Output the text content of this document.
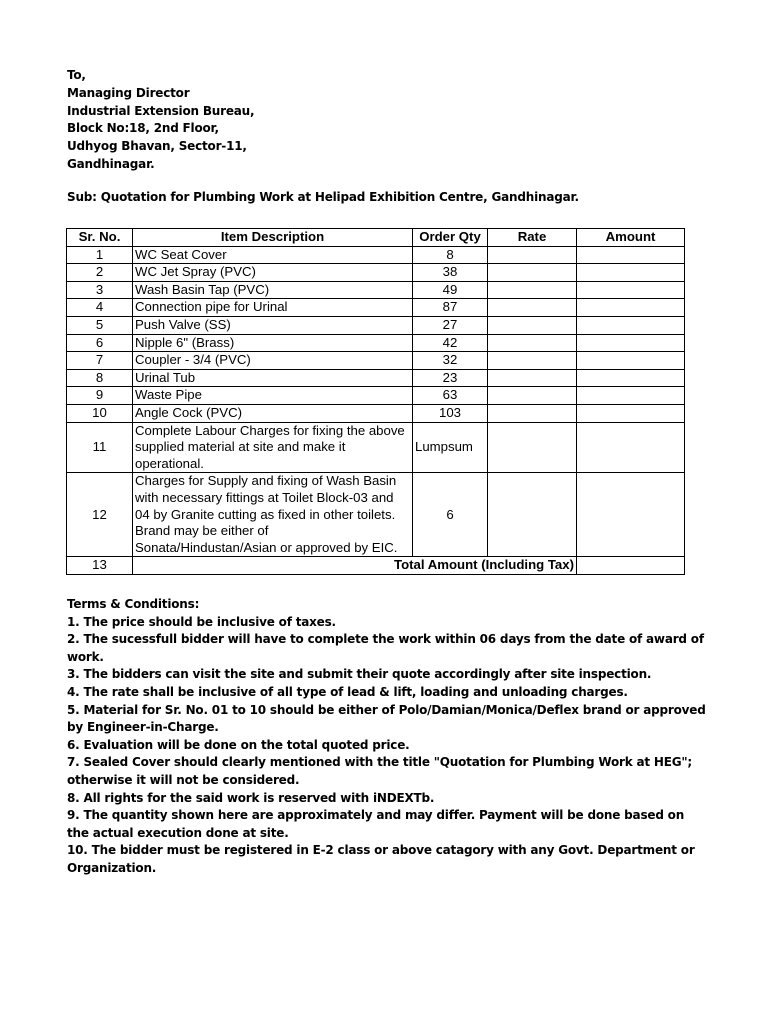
To,
Managing Director
Industrial Extension Bureau,
Block No:18, 2nd Floor,
Udhyog Bhavan, Sector-11,
Gandhinagar.
Sub: Quotation for Plumbing Work at Helipad Exhibition Centre, Gandhinagar.
Sr. No.	Item Description	Order Qty	Rate	Amount
1	WC Seat Cover	8		
2	WC Jet Spray (PVC)	38		
3	Wash Basin Tap (PVC)	49		
4	Connection pipe for Urinal	87		
5	Push Valve (SS)	27		
6	Nipple 6" (Brass)	42		
7	Coupler - 3/4 (PVC)	32		
8	Urinal Tub	23		
9	Waste Pipe	63		
10	Angle Cock (PVC)	103		
11	Complete Labour Charges for fixing the above supplied material at site and make it operational.	Lumpsum		
12	Charges for Supply and fixing of Wash Basin with necessary fittings at Toilet Block-03 and 04 by Granite cutting as fixed in other toilets. Brand may be either of Sonata/Hindustan/Asian or approved by EIC.	6		
13	Total Amount (Including Tax)			
Terms & Conditions:
1. The price should be inclusive of taxes.
2. The sucessfull bidder will have to complete the work within 06 days from the date of award of work.
3. The bidders can visit the site and submit their quote accordingly after site inspection.
4. The rate shall be inclusive of all type of lead & lift, loading and unloading charges.
5. Material for Sr. No. 01 to 10 should be either of Polo/Damian/Monica/Deflex brand or approved by Engineer-in-Charge.
6. Evaluation will be done on the total quoted price.
7. Sealed Cover should clearly mentioned with the title "Quotation for Plumbing Work at HEG"; otherwise it will not be considered.
8. All rights for the said work is reserved with iNDEXTb.
9. The quantity shown here are approximately and may differ. Payment will be done based on the actual execution done at site.
10. The bidder must be registered in E-2 class or above catagory with any Govt. Department or Organization.
